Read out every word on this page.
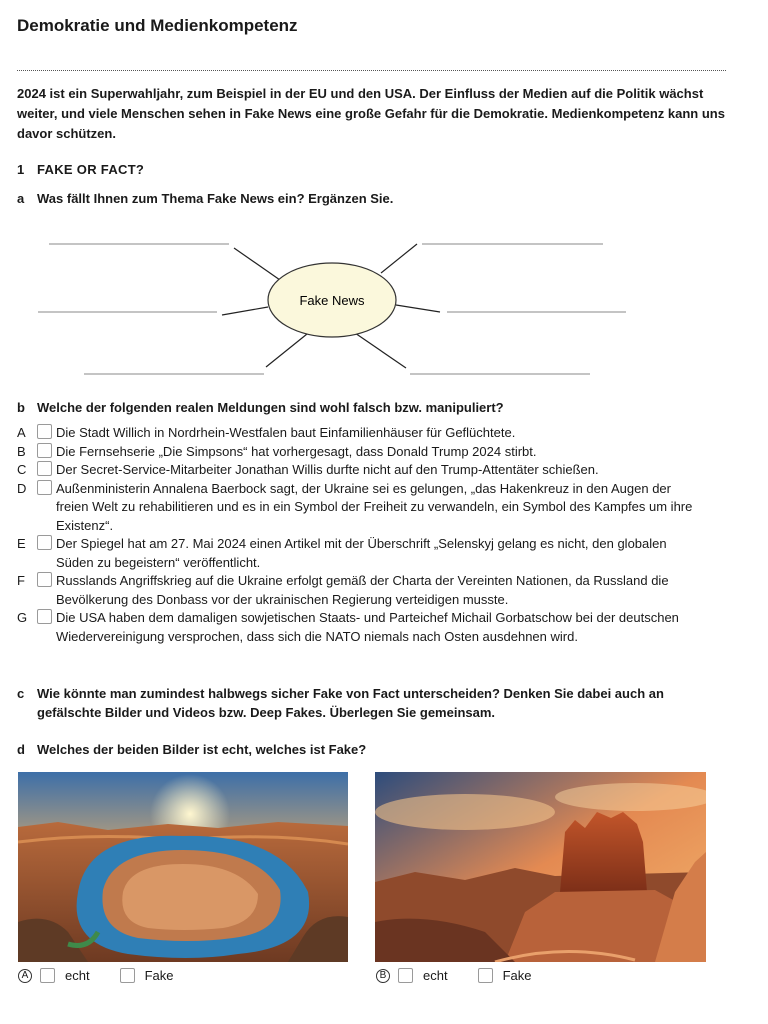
Demokratie und Medienkompetenz
2024 ist ein Superwahljahr, zum Beispiel in der EU und den USA. Der Einfluss der Medien auf die Politik wächst weiter, und viele Menschen sehen in Fake News eine große Gefahr für die Demokratie. Medienkompetenz kann uns davor schützen.
1 FAKE OR FACT?
a Was fällt Ihnen zum Thema Fake News ein? Ergänzen Sie.
Fake News
b Welche der folgenden realen Meldungen sind wohl falsch bzw. manipuliert?
A	Die Stadt Willich in Nordrhein-Westfalen baut Einfamilienhäuser für Geflüchtete.
B	Die Fernsehserie „Die Simpsons“ hat vorhergesagt, dass Donald Trump 2024 stirbt.
C	Der Secret-Service-Mitarbeiter Jonathan Willis durfte nicht auf den Trump-Attentäter schießen.
D	Außenministerin Annalena Baerbock sagt, der Ukraine sei es gelungen, „das Hakenkreuz in den Augen der freien Welt zu rehabilitieren und es in ein Symbol der Freiheit zu verwandeln, ein Symbol des Kampfes um ihre Existenz“.
E	Der Spiegel hat am 27. Mai 2024 einen Artikel mit der Überschrift „Selenskyj gelang es nicht, den globalen Süden zu begeistern“ veröffentlicht.
F	Russlands Angriffskrieg auf die Ukraine erfolgt gemäß der Charta der Vereinten Nationen, da Russland die Bevölkerung des Donbass vor der ukrainischen Regierung verteidigen musste.
G	Die USA haben dem damaligen sowjetischen Staats- und Parteichef Michail Gorbatschow bei der deutschen Wiedervereinigung versprochen, dass sich die NATO niemals nach Osten ausdehnen wird.
c Wie könnte man zumindest halbwegs sicher Fake von Fact unterscheiden? Denken Sie dabei auch an gefälschte Bilder und Videos bzw. Deep Fakes. Überlegen Sie gemeinsam.
d Welches der beiden Bilder ist echt, welches ist Fake?
A	echt	Fake	B	echt	Fake
